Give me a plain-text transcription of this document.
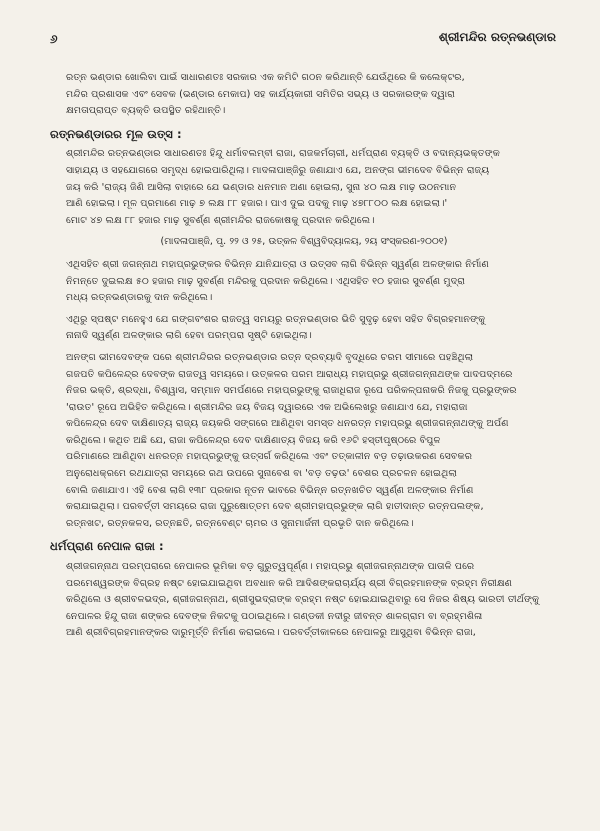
୬	ଶ୍ରୀମନ୍ଦିର ରତ୍ନଭଣ୍ଡାର

ରତ୍ନ ଭଣ୍ଡାର ଖୋଲିବା ପାଇଁ ସାଧାରଣତଃ ସରକାର ଏକ କମିଟି ଗଠନ କରିଥାନ୍ତି ଯେଉଁଥିରେ କି କଲେକ୍ଟର,
ମନ୍ଦିର ପ୍ରଶାସକ ଏବଂ ସେବକ (ଭଣ୍ଡାର ମେକାପ) ସହ କାର୍ଯ୍ୟକାରୀ ସମିତିର ସଭ୍ୟ ଓ ସରକାରଙ୍କ ଦ୍ୱାରା
କ୍ଷମତାପ୍ରାପ୍ତ ବ୍ୟକ୍ତି ଉପସ୍ଥିତ ରହିଥାନ୍ତି।

ରତ୍ନଭଣ୍ଡାରର ମୂଳ ଉତ୍ସ :

ଶ୍ରୀମନ୍ଦିର ରତ୍ନଭଣ୍ଡାର ସାଧାରଣତଃ ହିନ୍ଦୁ ଧର୍ମାବଲମ୍ବୀ ରାଜା, ରାଜକର୍ମଚାରୀ, ଧର୍ମପ୍ରାଣ ବ୍ୟକ୍ତି ଓ ବଦାନ୍ୟଭକ୍ତଙ୍କ
ସାହାଯ୍ୟ ଓ ସହଯୋଗରେ ସମୃଦ୍ଧ ହୋଇପାରିଥିଲା। ମାଦଳାପାଞ୍ଜିରୁ ଜଣାଯାଏ ଯେ, ଅନଙ୍ଗ ଭୀମଦେବ ବିଭିନ୍ନ ରାଜ୍ୟ
ଜୟ କରି 'ରାଜ୍ୟ ଜିଣି ଆସିଲା ବାହାରେ ଯେ ଭଣ୍ଡାର ଧନମାନ ଅଣା ହୋଇଲା, ସୁନା ୪୦ ଲକ୍ଷ ମାଢ଼ ଉଠନମାନ
ଆଣି ହୋଇଲା। ମୂଳ ପ୍ରମାଣେ ମାଢ଼ ୭ ଲକ୍ଷ ୮୮ ହଜାର। ପାଏ ଦୁଇ ପଦକୁ ମାଢ଼ ୪୭୮୮୦୦ ଲକ୍ଷ ହୋଇଲା।'
ମୋଟ ୪୭ ଲକ୍ଷ ୮୮ ହଜାର ମାଢ଼ ସୁବର୍ଣ୍ଣ ଶ୍ରୀମନ୍ଦିର ରାଜକୋଷକୁ ପ୍ରଦାନ କରିଥିଲେ।

(ମାଦଳାପାଞ୍ଜି, ପୃ. ୨୨ ଓ ୨୫, ଉତ୍କଳ ବିଶ୍ୱବିଦ୍ୟାଳୟ, ୨ୟ ସଂସ୍କରଣ-୨୦୦୧)

ଏଥିସହିତ ଶ୍ରୀ ଜଗନ୍ନାଥ ମହାପ୍ରଭୁଙ୍କର ବିଭିନ୍ନ ଯାନିଯାତ୍ରା ଓ ଉତ୍ସବ ଲାଗି ବିଭିନ୍ନ ସ୍ୱର୍ଣ୍ଣ ଅଳଙ୍କାର ନିର୍ମାଣ
ନିମନ୍ତେ ଦୁଇଲକ୍ଷ ୫୦ ହଜାର ମାଢ଼ ସୁବର୍ଣ୍ଣ ମନ୍ଦିରକୁ ପ୍ରଦାନ କରିଥିଲେ। ଏଥିସହିତ ୧୦ ହଜାର ସୁବର୍ଣ୍ଣ ମୁଦ୍ରା
ମଧ୍ୟ ରତ୍ନଭଣ୍ଡାରକୁ ଦାନ କରିଥିଲେ।

ଏଥିରୁ ସ୍ପଷ୍ଟ ମନେହୁଏ ଯେ ଗଙ୍ଗବଂଶର ରାଜତ୍ୱ ସମୟରୁ ରତ୍ନଭଣ୍ଡାର ଭିତି ସୁଦୃଢ଼ ହେବା ସହିତ ବିଗ୍ରହମାନଙ୍କୁ
ନାନାଦି ସ୍ୱର୍ଣ୍ଣ ଅଳଙ୍କାର ଲାଗି ହେବା ପରମ୍ପରା ସୃଷ୍ଟି ହୋଇଥିଲା।

ଅନଙ୍ଗ ଭୀମଦେବଙ୍କ ପରେ ଶ୍ରୀମନ୍ଦିରର ରତ୍ନଭଣ୍ଡାର ରତ୍ନ ଦ୍ରବ୍ୟାଦି ବୃଦ୍ଧିରେ ଚରମ ସୀମାରେ ପହଞ୍ଚିଥିଲା
ଗଜପତି କପିଳେନ୍ଦ୍ର ଦେବଙ୍କ ରାଜତ୍ୱ ସମୟରେ। ଉତ୍କଳର ପରମ ଆରାଧ୍ୟ ମହାପ୍ରଭୁ ଶ୍ରୀଜଗନ୍ନାଥଙ୍କ ପାଦପଦ୍ମରେ
ନିଜର ଭକ୍ତି, ଶ୍ରଦ୍ଧା, ବିଶ୍ୱାସ, ସମ୍ମାନ ସମର୍ପଣରେ ମହାପ୍ରଭୁଙ୍କୁ ରାଜାଧିରାଜ ରୂପେ ପରିକଳ୍ପନାକରି ନିଜକୁ ପ୍ରଭୁଙ୍କର
'ରାଉତ' ରୂପେ ଅଭିହିତ କରିଥିଲେ। ଶ୍ରୀମନ୍ଦିର ଜୟ ବିଜୟ ଦ୍ୱାରରେ ଏକ ଅଭିଲେଖରୁ ଜଣାଯାଏ ଯେ, ମହାରାଜା
କପିଳେନ୍ଦ୍ର ଦେବ ଦାକ୍ଷିଣାତ୍ୟ ରାଜ୍ୟ ଜୟକରି ସଙ୍ଗରେ ଆଣିଥିବା ସମସ୍ତ ଧନରତ୍ନ ମହାପ୍ରଭୁ ଶ୍ରୀଜଗନ୍ନାଥଙ୍କୁ ଅର୍ପଣ
କରିଥିଲେ। କଥିତ ଅଛି ଯେ, ରାଜା କପିଳେନ୍ଦ୍ର ଦେବ ଦାକ୍ଷିଣାତ୍ୟ ବିଜୟ କରି ୧୬ଟି ହସ୍ତୀପୃଷ୍ଠରେ ବିପୁଳ
ପରିମାଣରେ ଆଣିଥିବା ଧନରତ୍ନ ମହାପ୍ରଭୁଙ୍କୁ ଉତ୍ସର୍ଗ କରିଥିଲେ ଏବଂ ତତ୍କାଳୀନ ବଡ଼ ତଢ଼ାଉକରଣ ସେବକର
ଅନୁରୋଧକ୍ରମେ ରଥଯାତ୍ରା ସମୟରେ ରଥ ଉପରେ ସୁନାବେଶ ବା 'ବଡ଼ ତଢ଼ଉ' ବେଶର ପ୍ରଚଳନ ହୋଇଥିଲା
ବୋଲି ଜଣାଯାଏ। ଏହି ବେଶ ଲାଗି ୧୩୮ ପ୍ରକାର ନୂତନ ଭାବରେ ବିଭିନ୍ନ ରତ୍ନଖଚିତ ସ୍ୱର୍ଣ୍ଣ ଅଳଙ୍କାର ନିର୍ମାଣ
କରାଯାଇଥିଲା। ପରବର୍ତ୍ତୀ ସମୟରେ ରାଜା ପୁରୁଷୋତ୍ତମ ଦେବ ଶ୍ରୀମହାପ୍ରଭୁଙ୍କ ଲାଗି ହାତୀଦାନ୍ତ ରତ୍ନପଲଙ୍କ,
ରତ୍ନଖଟ, ରତ୍ନକଳସ, ରତ୍ନଛତି, ରତ୍ନବେଣ୍ଟ ଚାମର ଓ ସୁନାମାର୍ଜନୀ ପ୍ରଭୃତି ଦାନ କରିଥିଲେ।

ଧର୍ମପ୍ରାଣ ନେପାଳ ରାଜା :

ଶ୍ରୀଜଗନ୍ନାଥ ପରମ୍ପରାରେ ନେପାଳର ଭୂମିକା ବଡ଼ ଗୁରୁତ୍ୱପୂର୍ଣ୍ଣ। ମହାପ୍ରଭୁ ଶ୍ରୀଜଗନ୍ନାଥଙ୍କ ପାତାଳି ପରେ
ପରମେଶ୍ୱରଙ୍କ ବିଗ୍ରହ ନଷ୍ଟ ହୋଇଯାଇଥିବା ଅବଧାନ କରି ଆଦିଶଙ୍କରାଚାର୍ଯ୍ୟ ଶ୍ରୀ ବିଗ୍ରହମାନଙ୍କ ବ୍ରହ୍ମ ନିରୀକ୍ଷଣ
କରିଥିଲେ ଓ ଶ୍ରୀବଳଭଦ୍ର, ଶ୍ରୀଜଗନ୍ନାଥ, ଶ୍ରୀସୁଭଦ୍ରାଙ୍କ ବ୍ରହ୍ମ ନଷ୍ଟ ହୋଇଯାଇଥିବାରୁ ସେ ନିଜର ଶିଷ୍ୟ ଭାରତୀ ତୀର୍ଥଙ୍କୁ
ନେପାଳର ହିନ୍ଦୁ ରାଜା ଶଙ୍କର ଦେବଙ୍କ ନିକଟକୁ ପଠାଇଥିଲେ। ଗଣ୍ଡକୀ ନଦୀରୁ ଜୀବନ୍ତ ଶାଳଗ୍ରାମ ବା ବ୍ରହ୍ମଶିଳା
ଆଣି ଶ୍ରୀବିଗ୍ରହମାନଙ୍କର ଦାରୁମୂର୍ତ୍ତି ନିର୍ମାଣ କରାଇଲେ। ପରବର୍ତ୍ତୀକାଳରେ ନେପାଳରୁ ଆସୁଥିବା ବିଭିନ୍ନ ରାଜା,
